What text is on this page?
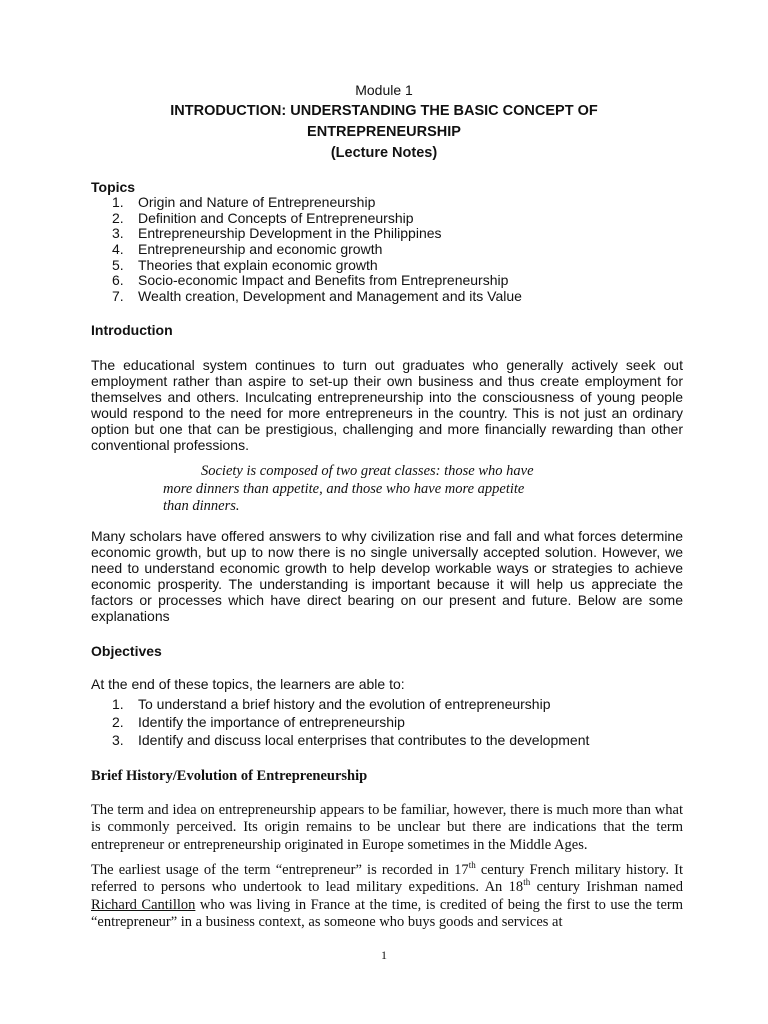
Module 1
INTRODUCTION: UNDERSTANDING THE BASIC CONCEPT OF
ENTREPRENEURSHIP
(Lecture Notes)
Topics
1. Origin and Nature of Entrepreneurship
2. Definition and Concepts of Entrepreneurship
3. Entrepreneurship Development in the Philippines
4. Entrepreneurship and economic growth
5. Theories that explain economic growth
6. Socio-economic Impact and Benefits from Entrepreneurship
7. Wealth creation, Development and Management and its Value
Introduction

The educational system continues to turn out graduates who generally actively seek out employment rather than aspire to set-up their own business and thus create employment for themselves and others. Inculcating entrepreneurship into the consciousness of young people would respond to the need for more entrepreneurs in the country. This is not just an ordinary option but one that can be prestigious, challenging and more financially rewarding than other conventional professions.

Society is composed of two great classes: those who have
more dinners than appetite, and those who have more appetite
than dinners.

Many scholars have offered answers to why civilization rise and fall and what forces determine economic growth, but up to now there is no single universally accepted solution. However, we need to understand economic growth to help develop workable ways or strategies to achieve economic prosperity. The understanding is important because it will help us appreciate the factors or processes which have direct bearing on our present and future. Below are some explanations

Objectives

At the end of these topics, the learners are able to:

1. To understand a brief history and the evolution of entrepreneurship
2. Identify the importance of entrepreneurship
3. Identify and discuss local enterprises that contributes to the development
Brief History/Evolution of Entrepreneurship

The term and idea on entrepreneurship appears to be familiar, however, there is much more than what is commonly perceived. Its origin remains to be unclear but there are indications that the term entrepreneur or entrepreneurship originated in Europe sometimes in the Middle Ages.

The earliest usage of the term “entrepreneur” is recorded in 17th century French military history. It referred to persons who undertook to lead military expeditions. An 18th century Irishman named Richard Cantillon who was living in France at the time, is credited of being the first to use the term “entrepreneur” in a business context, as someone who buys goods and services at

1
